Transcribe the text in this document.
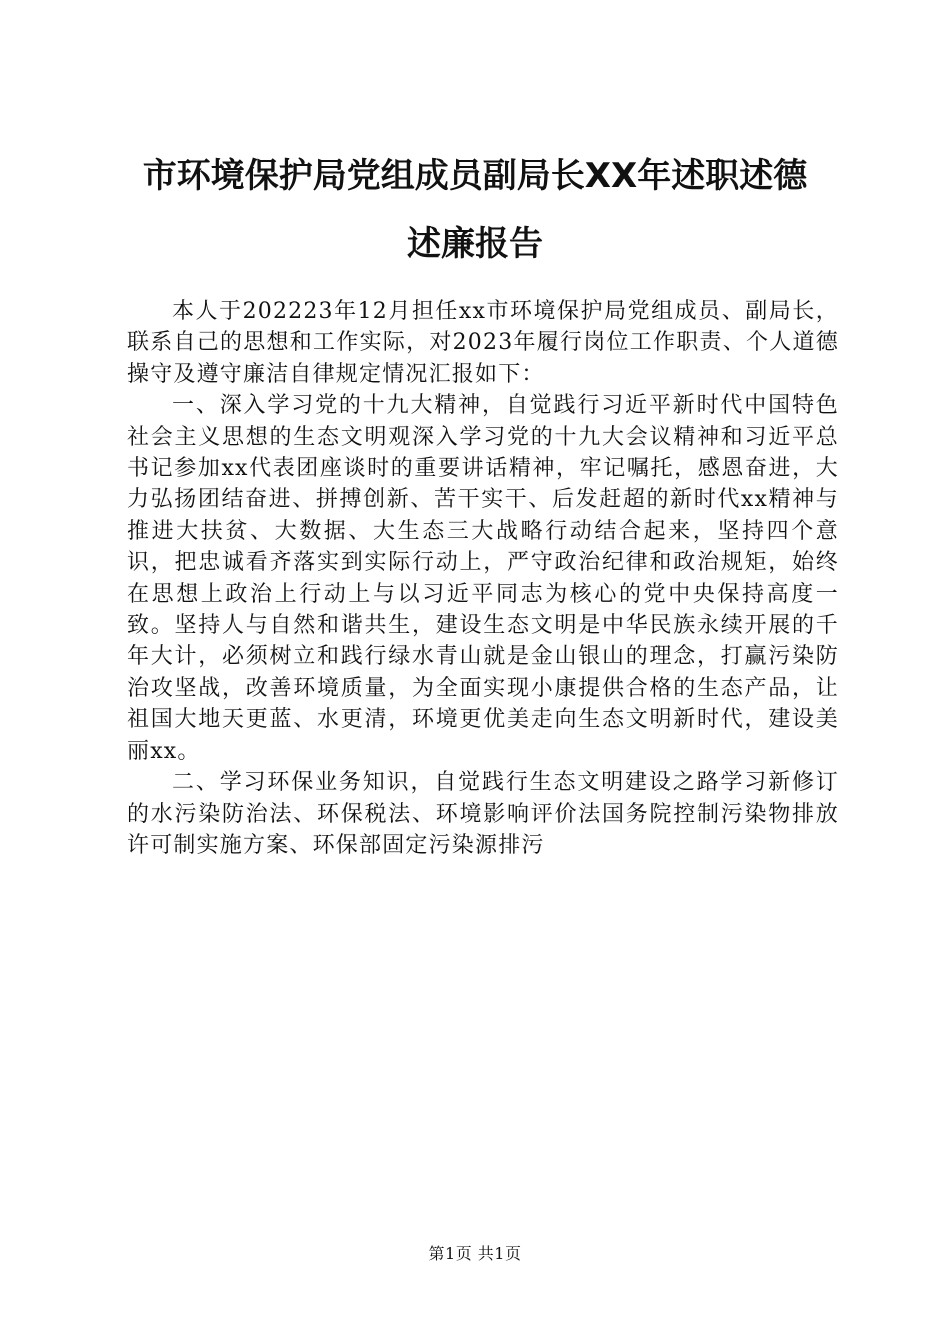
市环境保护局党组成员副局长XX年述职述德
述廉报告

本人于202223年12月担任xx市环境保护局党组成员、副局长，联系自己的思想和工作实际，对2023年履行岗位工作职责、个人道德操守及遵守廉洁自律规定情况汇报如下：

一、深入学习党的十九大精神，自觉践行习近平新时代中国特色社会主义思想的生态文明观深入学习党的十九大会议精神和习近平总书记参加xx代表团座谈时的重要讲话精神，牢记嘱托，感恩奋进，大力弘扬团结奋进、拼搏创新、苦干实干、后发赶超的新时代xx精神与推进大扶贫、大数据、大生态三大战略行动结合起来，坚持四个意识，把忠诚看齐落实到实际行动上，严守政治纪律和政治规矩，始终在思想上政治上行动上与以习近平同志为核心的党中央保持高度一致。坚持人与自然和谐共生，建设生态文明是中华民族永续开展的千年大计，必须树立和践行绿水青山就是金山银山的理念，打赢污染防治攻坚战，改善环境质量，为全面实现小康提供合格的生态产品，让祖国大地天更蓝、水更清，环境更优美走向生态文明新时代，建设美丽xx。

二、学习环保业务知识，自觉践行生态文明建设之路学习新修订的水污染防治法、环保税法、环境影响评价法国务院控制污染物排放许可制实施方案、环保部固定污染源排污

第1页 共1页
